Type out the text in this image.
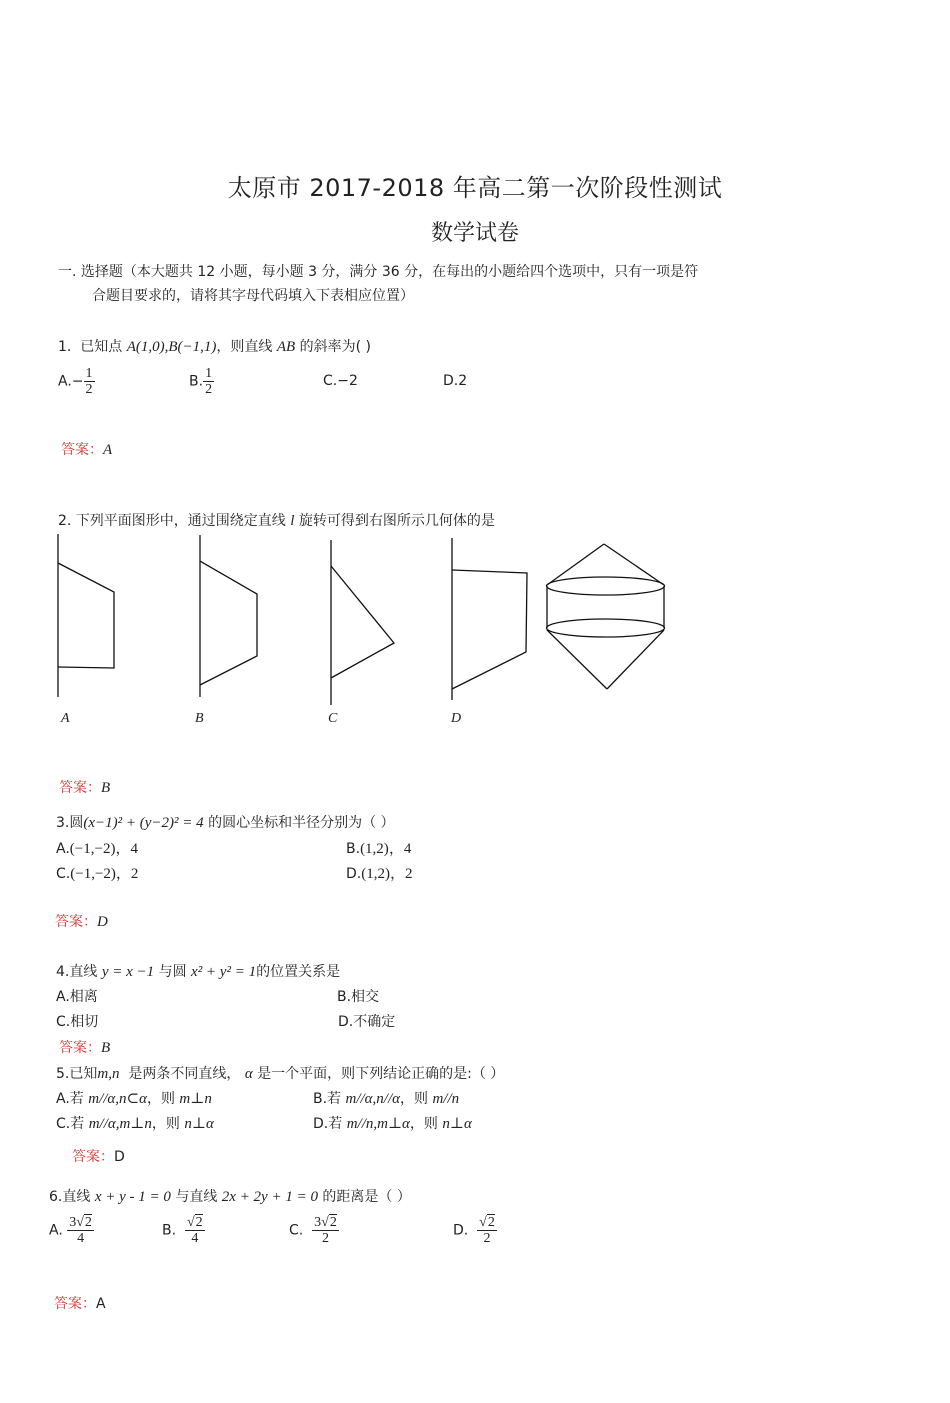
太原市 2017-2018 年高二第一次阶段性测试
数学试卷
一. 选择题（本大题共 12 小题，每小题 3 分，满分 36 分，在每出的小题给四个选项中，只有一项是符
合题目要求的，请将其字母代码填入下表相应位置）
1. 已知点 A(1,0),B(−1,1)，则直线 AB 的斜率为( )
$A.- \frac{1}{2}$	B. $\frac{1}{2}$	C.−2	D.2
答案：A
2. 下列平面图形中，通过围绕定直线 l 旋转可得到右图所示几何体的是
A	B	C	D
答案：B
3.圆(x−1)² + (y−2)² = 4 的圆心坐标和半径分别为（ ）
A.(−1,−2)，4	B.(1,2)，4
C.(−1,−2)，2	D.(1,2)，2
答案：D
4.直线 y = x −1 与圆 x² + y² = 1的位置关系是
A.相离	B.相交
C.相切	D.不确定
答案：B
5.已知m,n 是两条不同直线， α 是一个平面，则下列结论正确的是:（ ）
A.若 m//α,n⊂α，则 m⊥n	B.若 m//α,n//α，则 m//n
C.若 m//α,m⊥n，则 n⊥α	D.若 m//n,m⊥α，则 n⊥α
答案：D
6.直线 x + y - 1 = 0 与直线 2x + 2y + 1 = 0 的距离是（ ）
A. $\frac{3√2}{4}$	B. $\frac{√2}{4}$	C. $\frac{3√2}{2}$	D. $\frac{√2}{2}$
答案：A
